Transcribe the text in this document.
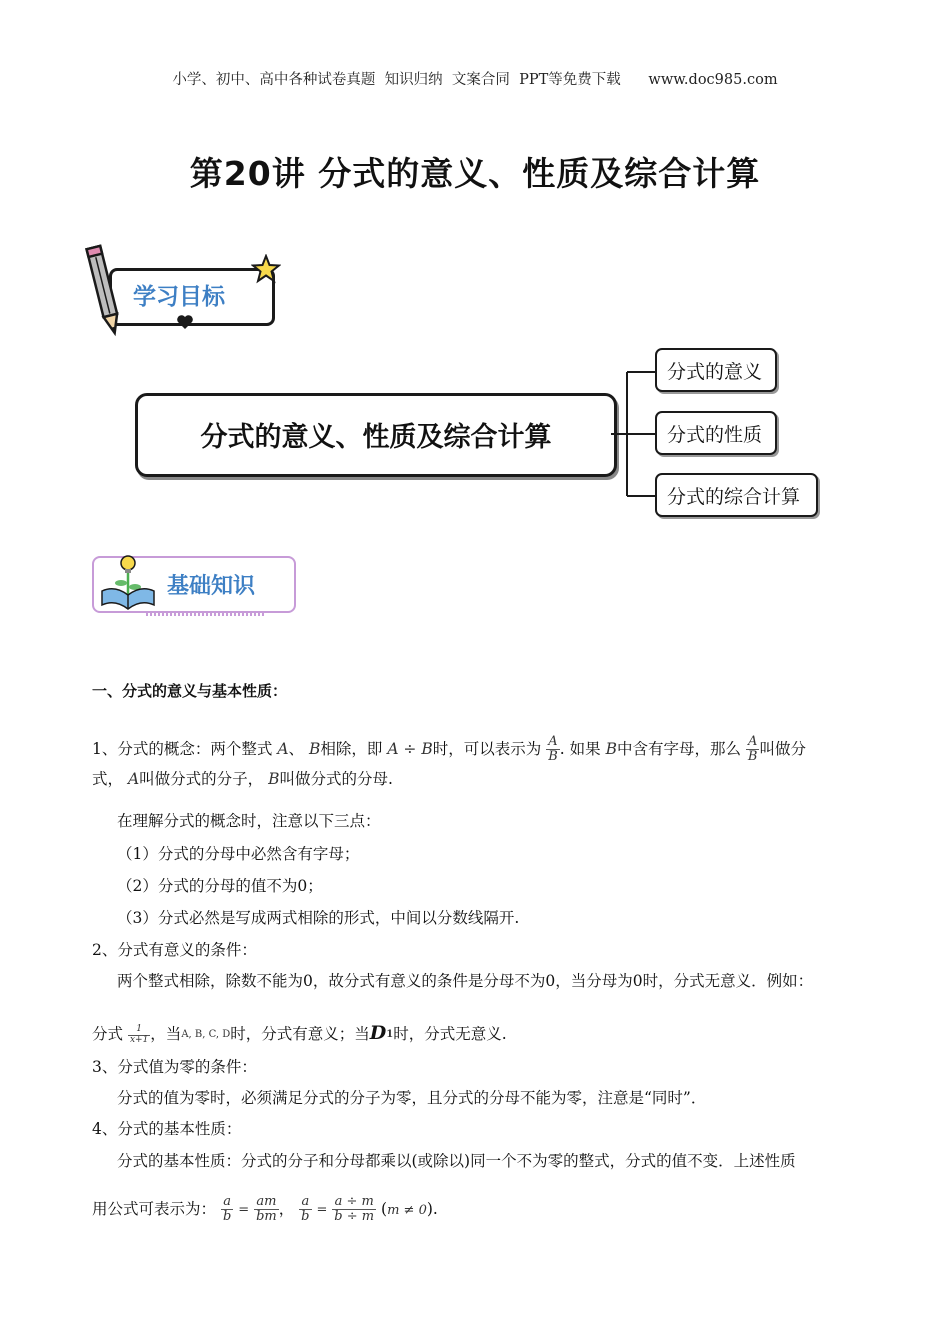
小学、初中、高中各种试卷真题  知识归纳  文案合同  PPT等免费下载 www.doc985.com
第20讲 分式的意义、性质及综合计算
学习目标
分式的意义、性质及综合计算
分式的意义
分式的性质
分式的综合计算
基础知识
一、分式的意义与基本性质：
1、分式的概念：两个整式 A、 B相除，即 A ÷ B时，可以表示为 $\frac{A}{B}$ . 如果 B中含有字母，那么 $\frac{A}{B}$ 叫做分
式， A叫做分式的分子， B叫做分式的分母.
在理解分式的概念时，注意以下三点：
（1）分式的分母中必然含有字母；
（2）分式的分母的值不为0；
（3）分式必然是写成两式相除的形式，中间以分数线隔开.
2、分式有意义的条件：
两个整式相除，除数不能为0，故分式有意义的条件是分母不为0，当分母为0时，分式无意义．例如：
分式 $\frac{1}{x+1}$ ，当A, B, C, D时，分式有意义；当D1时，分式无意义.
3、分式值为零的条件：
分式的值为零时，必须满足分式的分子为零，且分式的分母不能为零，注意是“同时”．
4、分式的基本性质：
分式的基本性质：分式的分子和分母都乘以(或除以)同一个不为零的整式，分式的值不变．上述性质
用公式可表示为： $\frac{a}{b} = \frac{am}{bm}$ ， $\frac{a}{b} = \frac{a \div m}{b \div m} (m \ne 0)$.
